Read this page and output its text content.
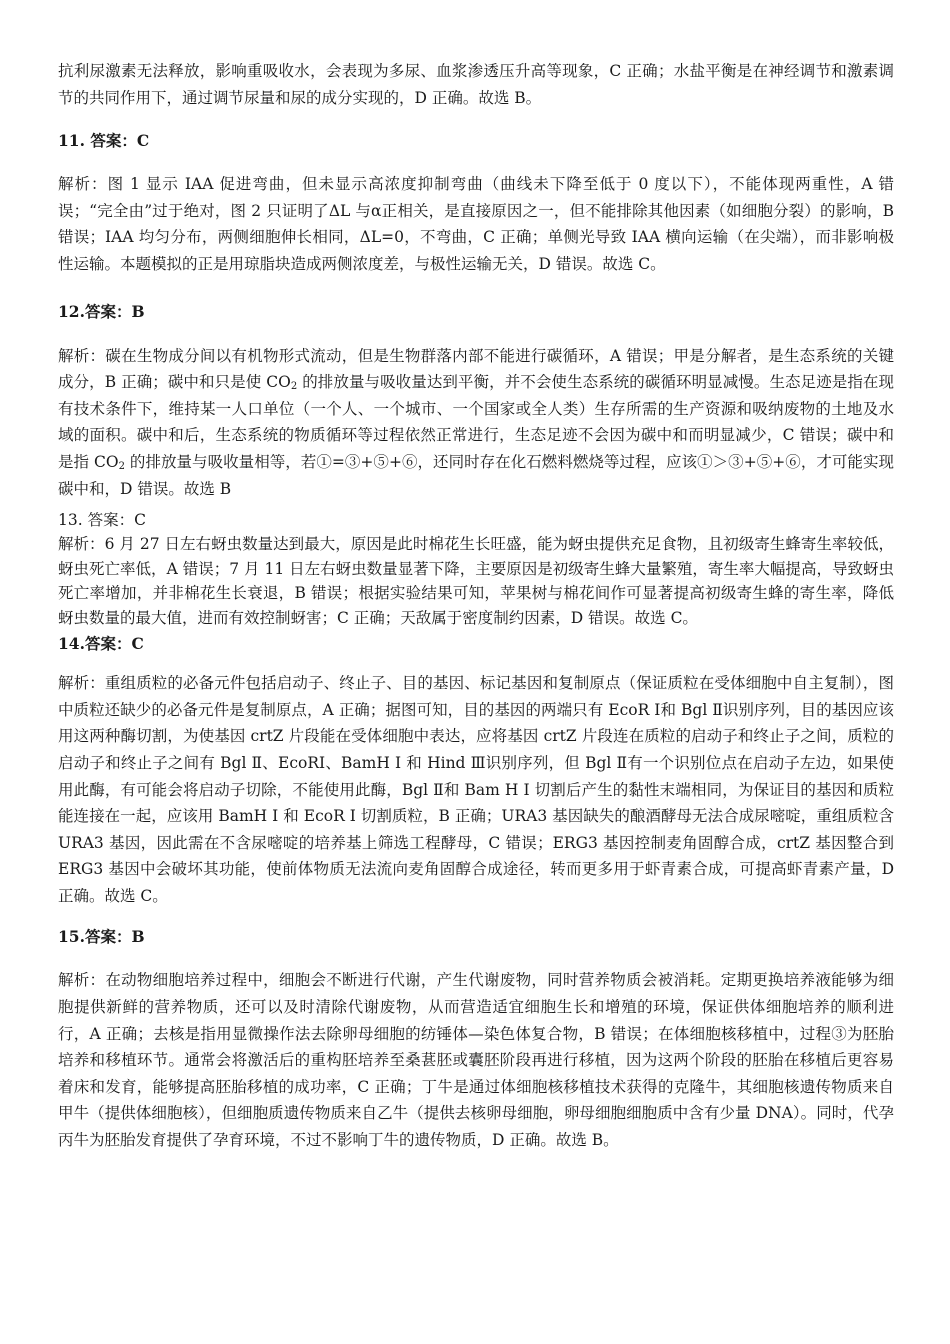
抗利尿激素无法释放，影响重吸收水，会表现为多尿、血浆渗透压升高等现象，C 正确；水盐平衡是在神经调节和激素调节的共同作用下，通过调节尿量和尿的成分实现的，D 正确。故选 B。

11. 答案：C

解析：图 1 显示 IAA 促进弯曲，但未显示高浓度抑制弯曲（曲线未下降至低于 0 度以下），不能体现两重性，A 错误；“完全由”过于绝对，图 2 只证明了ΔL 与α正相关，是直接原因之一，但不能排除其他因素（如细胞分裂）的影响，B 错误；IAA 均匀分布，两侧细胞伸长相同，ΔL=0，不弯曲，C 正确；单侧光导致 IAA 横向运输（在尖端），而非影响极性运输。本题模拟的正是用琼脂块造成两侧浓度差，与极性运输无关，D 错误。故选 C。

12.答案：B

解析：碳在生物成分间以有机物形式流动，但是生物群落内部不能进行碳循环，A 错误；甲是分解者，是生态系统的关键成分，B 正确；碳中和只是使 $CO_2$ 的排放量与吸收量达到平衡，并不会使生态系统的碳循环明显减慢。生态足迹是指在现有技术条件下，维持某一人口单位（一个人、一个城市、一个国家或全人类）生存所需的生产资源和吸纳废物的土地及水域的面积。碳中和后，生态系统的物质循环等过程依然正常进行，生态足迹不会因为碳中和而明显减少，C 错误；碳中和是指 $CO_2$ 的排放量与吸收量相等，若①=③+⑤+⑥，还同时存在化石燃料燃烧等过程，应该①＞③+⑤+⑥，才可能实现碳中和，D 错误。故选 B

13. 答案：C

解析：6 月 27 日左右蚜虫数量达到最大，原因是此时棉花生长旺盛，能为蚜虫提供充足食物，且初级寄生蜂寄生率较低，蚜虫死亡率低，A 错误；7 月 11 日左右蚜虫数量显著下降，主要原因是初级寄生蜂大量繁殖，寄生率大幅提高，导致蚜虫死亡率增加，并非棉花生长衰退，B 错误；根据实验结果可知，苹果树与棉花间作可显著提高初级寄生蜂的寄生率，降低蚜虫数量的最大值，进而有效控制蚜害；C 正确；天敌属于密度制约因素，D 错误。故选 C。

14.答案：C

解析：重组质粒的必备元件包括启动子、终止子、目的基因、标记基因和复制原点（保证质粒在受体细胞中自主复制），图中质粒还缺少的必备元件是复制原点，A 正确；据图可知，目的基因的两端只有 EcoR Ⅰ和 Bgl Ⅱ识别序列，目的基因应该用这两种酶切割，为使基因 crtZ 片段能在受体细胞中表达，应将基因 crtZ 片段连在质粒的启动子和终止子之间，质粒的启动子和终止子之间有 Bgl Ⅱ、EcoRI、BamH I 和 Hind Ⅲ识别序列，但 Bgl Ⅱ有一个识别位点在启动子左边，如果使用此酶，有可能会将启动子切除，不能使用此酶，Bgl Ⅱ和 Bam H I 切割后产生的黏性末端相同，为保证目的基因和质粒能连接在一起，应该用 BamH I 和 EcoR I 切割质粒，B 正确；URA3 基因缺失的酿酒酵母无法合成尿嘧啶，重组质粒含 URA3 基因，因此需在不含尿嘧啶的培养基上筛选工程酵母，C 错误；ERG3 基因控制麦角固醇合成，crtZ 基因整合到 ERG3 基因中会破坏其功能，使前体物质无法流向麦角固醇合成途径，转而更多用于虾青素合成，可提高虾青素产量，D 正确。故选 C。

15.答案：B

解析：在动物细胞培养过程中，细胞会不断进行代谢，产生代谢废物，同时营养物质会被消耗。定期更换培养液能够为细胞提供新鲜的营养物质，还可以及时清除代谢废物，从而营造适宜细胞生长和增殖的环境，保证供体细胞培养的顺利进行，A 正确；去核是指用显微操作法去除卵母细胞的纺锤体—染色体复合物，B 错误；在体细胞核移植中，过程③为胚胎培养和移植环节。通常会将激活后的重构胚培养至桑葚胚或囊胚阶段再进行移植，因为这两个阶段的胚胎在移植后更容易着床和发育，能够提高胚胎移植的成功率，C 正确；丁牛是通过体细胞核移植技术获得的克隆牛，其细胞核遗传物质来自甲牛（提供体细胞核），但细胞质遗传物质来自乙牛（提供去核卵母细胞，卵母细胞细胞质中含有少量 DNA）。同时，代孕丙牛为胚胎发育提供了孕育环境，不过不影响丁牛的遗传物质，D 正确。故选 B。
